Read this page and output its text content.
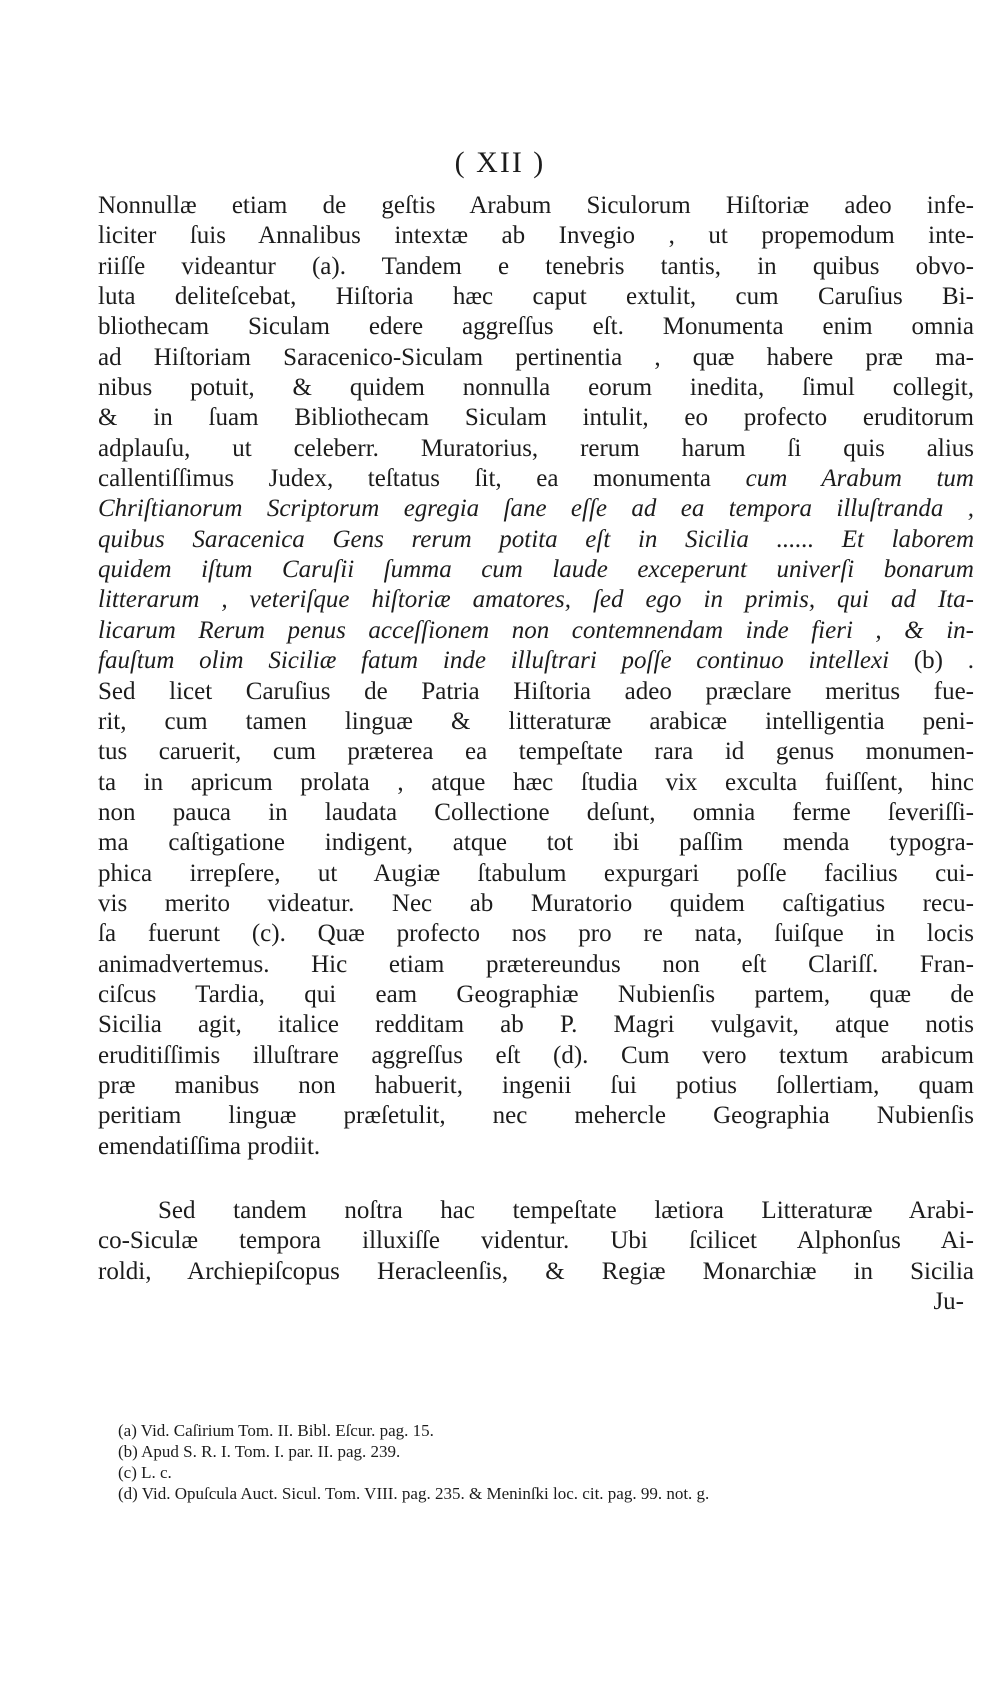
( XII )
Nonnullæ etiam de geſtis Arabum Siculorum Hiſtoriæ adeo infe-
liciter ſuis Annalibus intextæ ab Invegio , ut propemodum inte-
riiſſe videantur (a). Tandem e tenebris tantis, in quibus obvo-
luta deliteſcebat, Hiſtoria hæc caput extulit, cum Caruſius Bi-
bliothecam Siculam edere aggreſſus eſt. Monumenta enim omnia
ad Hiſtoriam Saracenico-Siculam pertinentia , quæ habere præ ma-
nibus potuit, & quidem nonnulla eorum inedita, ſimul collegit,
& in ſuam Bibliothecam Siculam intulit, eo profecto eruditorum
adplauſu, ut celeberr. Muratorius, rerum harum ſi quis alius
callentiſſimus Judex, teſtatus ſit, ea monumenta cum Arabum tum
Chriſtianorum Scriptorum egregia ſane eſſe ad ea tempora illuſtranda ,
quibus Saracenica Gens rerum potita eſt in Sicilia ...... Et laborem
quidem iſtum Caruſii ſumma cum laude exceperunt univerſi bonarum
litterarum , veteriſque hiſtoriæ amatores, ſed ego in primis, qui ad Ita-
licarum Rerum penus acceſſionem non contemnendam inde fieri , & in-
fauſtum olim Siciliæ fatum inde illuſtrari poſſe continuo intellexi (b) .
Sed licet Caruſius de Patria Hiſtoria adeo præclare meritus fue-
rit, cum tamen linguæ & litteraturæ arabicæ intelligentia peni-
tus caruerit, cum præterea ea tempeſtate rara id genus monumen-
ta in apricum prolata , atque hæc ſtudia vix exculta fuiſſent, hinc
non pauca in laudata Collectione deſunt, omnia ferme ſeveriſſi-
ma caſtigatione indigent, atque tot ibi paſſim menda typogra-
phica irrepſere, ut Augiæ ſtabulum expurgari poſſe facilius cui-
vis merito videatur. Nec ab Muratorio quidem caſtigatius recu-
ſa fuerunt (c). Quæ profecto nos pro re nata, ſuiſque in locis
animadvertemus. Hic etiam prætereundus non eſt Clariſſ. Fran-
ciſcus Tardia, qui eam Geographiæ Nubienſis partem, quæ de
Sicilia agit, italice redditam ab P. Magri vulgavit, atque notis
eruditiſſimis illuſtrare aggreſſus eſt (d). Cum vero textum arabicum
præ manibus non habuerit, ingenii ſui potius ſollertiam, quam
peritiam linguæ præſetulit, nec mehercle Geographia Nubienſis
emendatiſſima prodiit.
Sed tandem noſtra hac tempeſtate lætiora Litteraturæ Arabi-
co-Siculæ tempora illuxiſſe videntur. Ubi ſcilicet Alphonſus Ai-
roldi, Archiepiſcopus Heracleenſis, & Regiæ Monarchiæ in Sicilia
Ju-
(a) Vid. Caſirium Tom. II. Bibl. Eſcur. pag. 15.
(b) Apud S. R. I. Tom. I. par. II. pag. 239.
(c) L. c.
(d) Vid. Opuſcula Auct. Sicul. Tom. VIII. pag. 235. & Meninſki loc. cit. pag. 99. not. g.
